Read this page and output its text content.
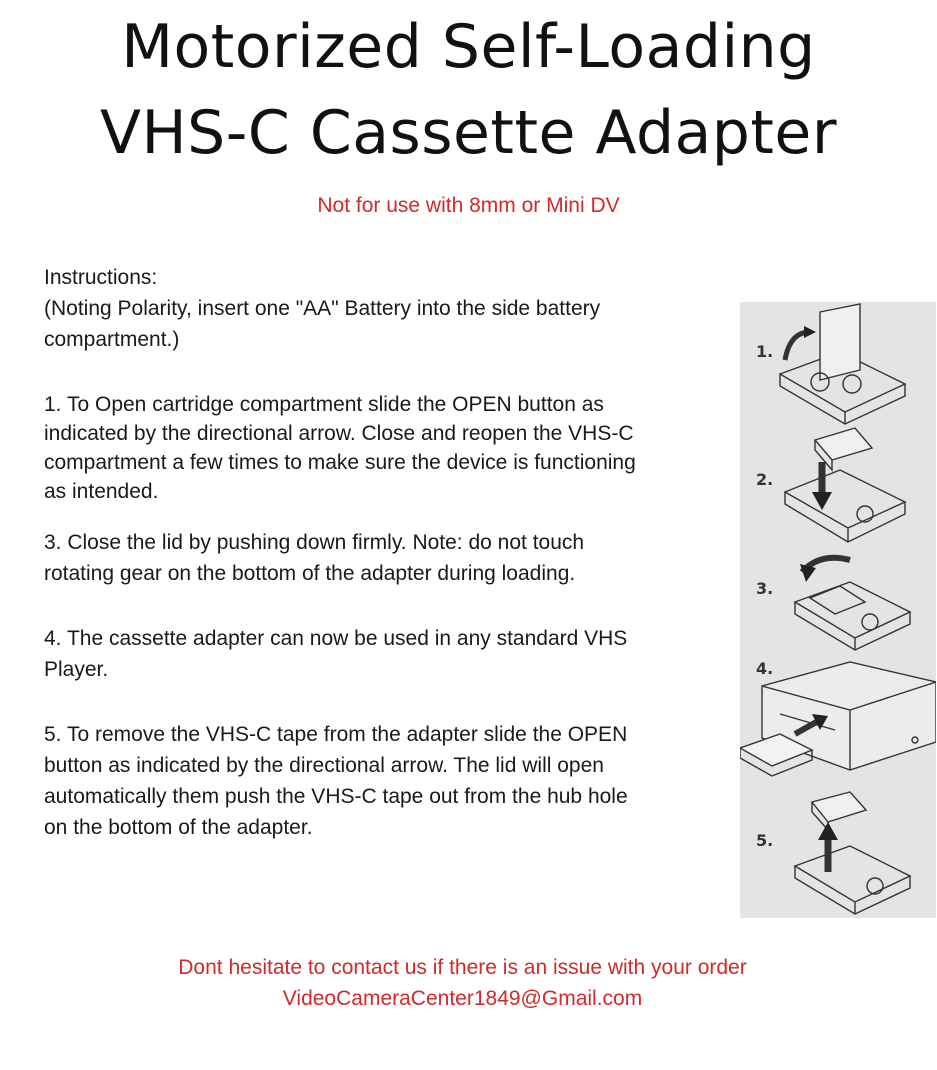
Motorized Self-Loading
VHS-C Cassette Adapter
Not for use with 8mm or Mini DV
Instructions:
(Noting Polarity, insert one "AA" Battery into the side battery
compartment.)
1. To Open cartridge compartment slide the OPEN button as
indicated by the directional arrow. Close and reopen the VHS-C
compartment a few times to make sure the device is functioning
as intended.
3. Close the lid by pushing down firmly. Note: do not touch
rotating gear on the bottom of the adapter during loading.
4. The cassette adapter can now be used in any standard VHS
Player.
5. To remove the VHS-C tape from the adapter slide the OPEN
button as indicated by the directional arrow. The lid will open
automatically them push the VHS-C tape out from the hub hole
on the bottom of the adapter.
1.
2.
3.
4.
5.
Dont hesitate to contact us if there is an issue with your order
VideoCameraCenter1849@Gmail.com
